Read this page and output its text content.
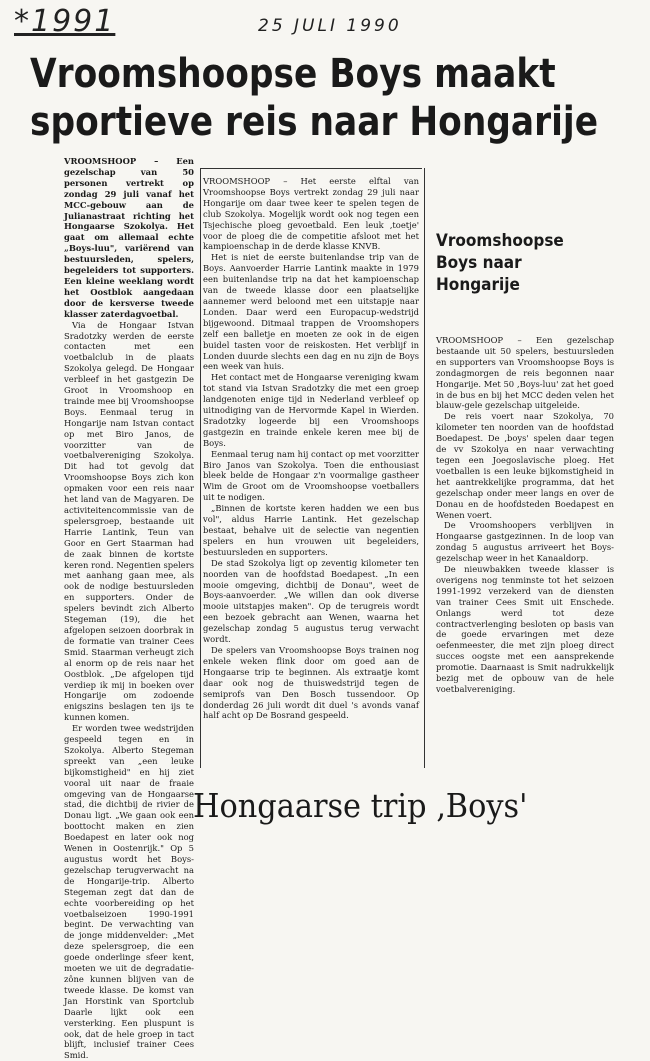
*1991	25 JULI 1990
Vroomshoopse Boys maakt
sportieve reis naar Hongarije

VROOMSHOOP – Een gezelschap van 50 personen vertrekt op zondag 29 juli vanaf het MCC-gebouw aan de Julianastraat richting het Hongaarse Szokolya. Het gaat om allemaal echte „Boys-luu", variërend van bestuursleden, spelers, begeleiders tot supporters. Een kleine weeklang wordt het Oostblok aangedaan door de kersverse tweede klasser zaterdagvoetbal.

Via de Hongaar Istvan Sradotzky werden de eerste contacten met een voetbalclub in de plaats Szokolya gelegd. De Hongaar verbleef in het gastgezin De Groot in Vroomshoop en trainde mee bij Vroomshoopse Boys. Eenmaal terug in Hongarije nam Istvan contact op met Biro Janos, de voorzitter van de voetbalvereniging Szokolya. Dit had tot gevolg dat Vroomshoopse Boys zich kon opmaken voor een reis naar het land van de Magyaren. De activiteitencommissie van de spelersgroep, bestaande uit Harrie Lantink, Teun van Goor en Gert Staarman had de zaak binnen de kortste keren rond. Negentien spelers met aanhang gaan mee, als ook de nodige bestuursleden en supporters. Onder de spelers bevindt zich Alberto Stegeman (19), die het afgelopen seizoen doorbrak in de formatie van trainer Cees Smid. Staarman verheugt zich al enorm op de reis naar het Oostblok. „De afgelopen tijd verdiep ik mij in boeken over Hongarije om zodoende enigszins beslagen ten ijs te kunnen komen.

Er worden twee wedstrijden gespeeld tegen en in Szokolya. Alberto Stegeman spreekt van „een leuke bijkomstigheid" en hij ziet vooral uit naar de fraaie omgeving van de Hongaarse stad, die dichtbij de rivier de Donau ligt. „We gaan ook een boottocht maken en zien Boedapest en later ook nog Wenen in Oostenrijk." Op 5 augustus wordt het Boys-gezelschap terugverwacht na de Hongarije-trip. Alberto Stegeman zegt dat dan de echte voorbereiding op het voetbalseizoen 1990-1991 begint. De verwachting van de jonge middenvelder: „Met deze spelersgroep, die een goede onderlinge sfeer kent, moeten we uit de degradatie-zône kunnen blijven van de tweede klasse. De komst van Jan Horstink van Sportclub Daarle lijkt ook een versterking. Een pluspunt is ook, dat de hele groep in tact blijft, inclusief trainer Cees Smid.

VROOMSHOOP – Het eerste elftal van Vroomshoopse Boys vertrekt zondag 29 juli naar Hongarije om daar twee keer te spelen tegen de club Szokolya. Mogelijk wordt ook nog tegen een Tsjechische ploeg gevoetbald. Een leuk ‚toetje' voor de ploeg die de competitie afsloot met het kampioenschap in de derde klasse KNVB.

Het is niet de eerste buitenlandse trip van de Boys. Aanvoerder Harrie Lantink maakte in 1979 een buitenlandse trip na dat het kampioenschap van de tweede klasse door een plaatselijke aannemer werd beloond met een uitstapje naar Londen. Daar werd een Europacup-wedstrijd bijgewoond. Ditmaal trappen de Vroomshopers zelf een balletje en moeten ze ook in de eigen buidel tasten voor de reiskosten. Het verblijf in Londen duurde slechts een dag en nu zijn de Boys een week van huis.

Het contact met de Hongaarse vereniging kwam tot stand via Istvan Sradotzky die met een groep landgenoten enige tijd in Nederland verbleef op uitnodiging van de Hervormde Kapel in Wierden. Sradotzky logeerde bij een Vroomshoops gastgezin en trainde enkele keren mee bij de Boys.

Eenmaal terug nam hij contact op met voorzitter Biro Janos van Szokolya. Toen die enthousiast bleek belde de Hongaar z'n voormalige gastheer Wim de Groot om de Vroomshoopse voetballers uit te nodigen.

„Binnen de kortste keren hadden we een bus vol", aldus Harrie Lantink. Het gezelschap bestaat, behalve uit de selectie van negentien spelers en hun vrouwen uit begeleiders, bestuursleden en supporters.

De stad Szokolya ligt op zeventig kilometer ten noorden van de hoofdstad Boedapest. „In een mooie omgeving, dichtbij de Donau", weet de Boys-aanvoerder. „We willen dan ook diverse mooie uitstapjes maken". Op de terugreis wordt een bezoek gebracht aan Wenen, waarna het gezelschap zondag 5 augustus terug verwacht wordt.

De spelers van Vroomshoopse Boys trainen nog enkele weken flink door om goed aan de Hongaarse trip te beginnen. Als extraatje komt daar ook nog de thuiswedstrijd tegen de semiprofs van Den Bosch tussendoor. Op donderdag 26 juli wordt dit duel 's avonds vanaf half acht op De Bosrand gespeeld.

Vroomshoopse Boys naar Hongarije

VROOMSHOOP – Een gezelschap bestaande uit 50 spelers, bestuursleden en supporters van Vroomshoopse Boys is zondagmorgen de reis begonnen naar Hongarije. Met 50 ‚Boys-luu' zat het goed in de bus en bij het MCC deden velen het blauw-gele gezelschap uitgeleide.

De reis voert naar Szokolya, 70 kilometer ten noorden van de hoofdstad Boedapest. De ‚boys' spelen daar tegen de vv Szokolya en naar verwachting tegen een Joegoslavische ploeg. Het voetballen is een leuke bijkomstigheid in het aantrekkelijke programma, dat het gezelschap onder meer langs en over de Donau en de hoofdsteden Boedapest en Wenen voert.

De Vroomshoopers verblijven in Hongaarse gastgezinnen. In de loop van zondag 5 augustus arriveert het Boys-gezelschap weer in het Kanaaldorp.

De nieuwbakken tweede klasser is overigens nog tenminste tot het seizoen 1991-1992 verzekerd van de diensten van trainer Cees Smit uit Enschede. Onlangs werd tot deze contractverlenging besloten op basis van de goede ervaringen met deze oefenmeester, die met zijn ploeg direct succes oogste met een aansprekende promotie. Daarnaast is Smit nadrukkelijk bezig met de opbouw van de hele voetbalvereniging.

Hongaarse trip ‚Boys'
